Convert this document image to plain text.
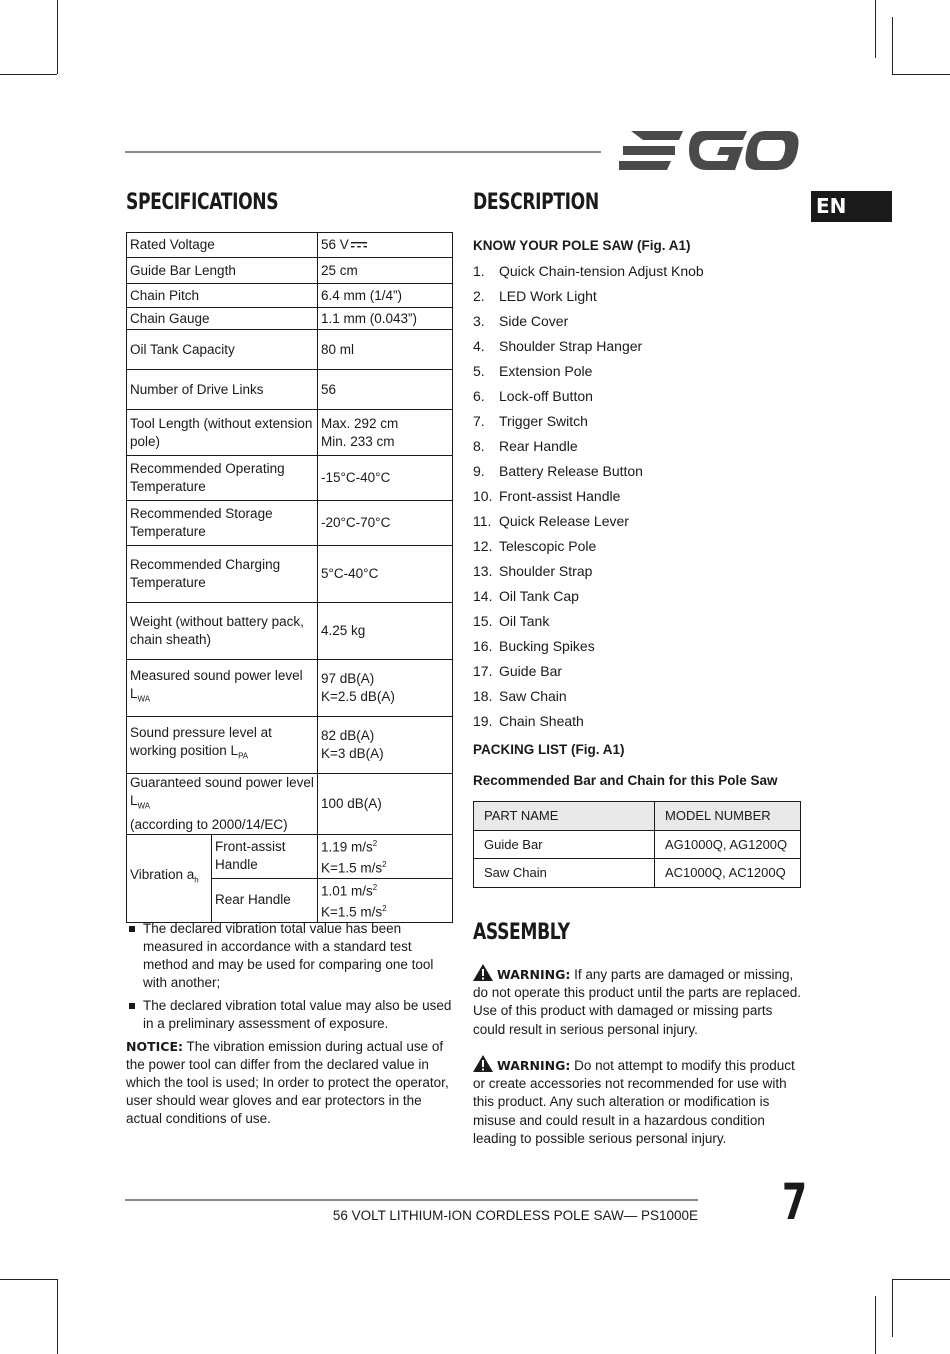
EN
SPECIFICATIONS
Rated Voltage		56 V
Guide Bar Length		25 cm
Chain Pitch		6.4 mm (1/4”)
Chain Gauge		1.1 mm (0.043”)
Oil Tank Capacity		80 ml
Number of Drive Links		56
Tool Length (without extension pole)		Max. 292 cm
Min. 233 cm

Recommended Operating Temperature		-15°C-40°C
Recommended Storage Temperature		-20°C-70°C
Recommended Charging Temperature		5°C-40°C
Weight (without battery pack, chain sheath)		4.25 kg
Measured sound power level $L_{WA}$		97 dB(A)
K=2.5 dB(A)

Sound pressure level at working position $L_{PA}$		82 dB(A)
K=3 dB(A)

Guaranteed sound power level $L_{WA}$
(according to 2000/14/EC)		100 dB(A)
Vibration $a_h$	Front-assist Handle	1.19 $m/s^2$
K=1.5 $m/s^2$

	Rear Handle	1.01 $m/s^2$
K=1.5 $m/s^2$
The declared vibration total value has been measured in accordance with a standard test method and may be used for comparing one tool with another;
The declared vibration total value may also be used in a preliminary assessment of exposure.

NOTICE: The vibration emission during actual use of the power tool can differ from the declared value in which the tool is used; In order to protect the operator, user should wear gloves and ear protectors in the actual conditions of use.

DESCRIPTION
KNOW YOUR POLE SAW (Fig. A1)
1.	Quick Chain-tension Adjust Knob
2.	LED Work Light
3.	Side Cover
4.	Shoulder Strap Hanger
5.	Extension Pole
6.	Lock-off Button
7.	Trigger Switch
8.	Rear Handle
9.	Battery Release Button
10. Front-assist Handle
11. Quick Release Lever
12. Telescopic Pole
13. Shoulder Strap
14. Oil Tank Cap
15. Oil Tank
16. Bucking Spikes
17. Guide Bar
18. Saw Chain
19. Chain Sheath
PACKING LIST (Fig. A1)
Recommended Bar and Chain for this Pole Saw
PART NAME	MODEL NUMBER
Guide Bar	AG1000Q, AG1200Q
Saw Chain	AC1000Q, AC1200Q
ASSEMBLY
WARNING: If any parts are damaged or missing, do not operate this product until the parts are replaced. Use of this product with damaged or missing parts could result in serious personal injury.
WARNING: Do not attempt to modify this product or create accessories not recommended for use with this product. Any such alteration or modification is misuse and could result in a hazardous condition leading to possible serious personal injury.
56 VOLT LITHIUM-ION CORDLESS POLE SAW— PS1000E 7
